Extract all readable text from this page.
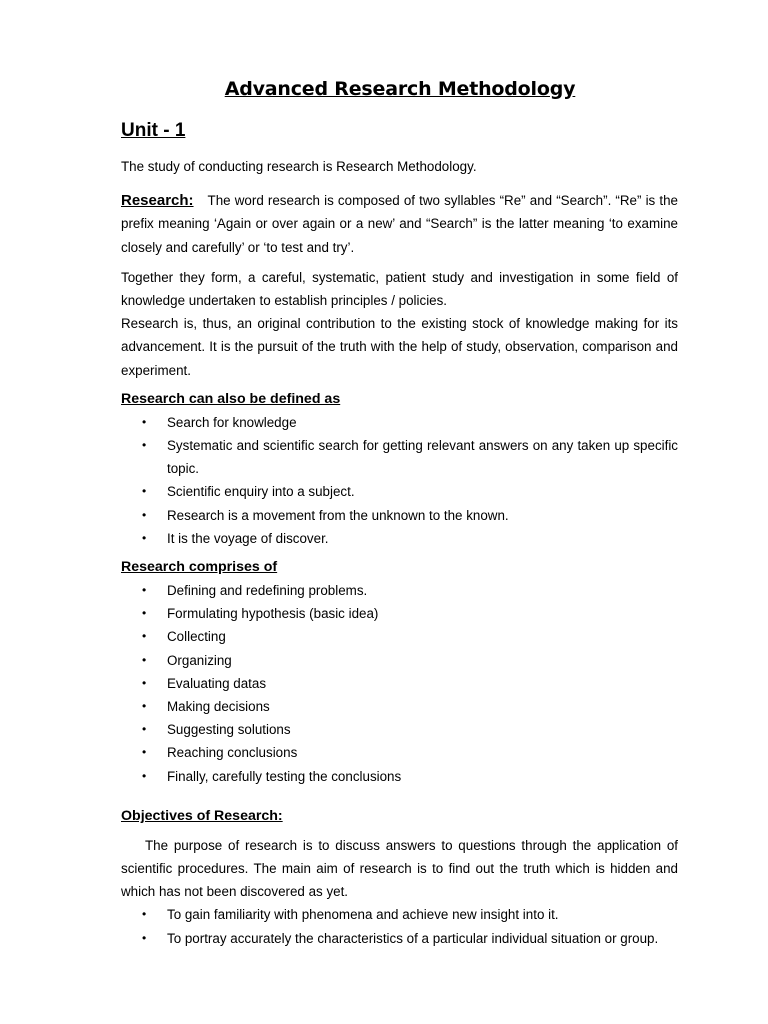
Advanced Research Methodology
Unit - 1

The study of conducting research is Research Methodology.

Research: The word research is composed of two syllables “Re” and “Search”. “Re” is the prefix meaning ‘Again or over again or a new’ and “Search” is the latter meaning ‘to examine closely and carefully’ or ‘to test and try’.

Together they form, a careful, systematic, patient study and investigation in some field of knowledge undertaken to establish principles / policies.

Research is, thus, an original contribution to the existing stock of knowledge making for its advancement. It is the pursuit of the truth with the help of study, observation, comparison and experiment.

Research can also be defined as
• Search for knowledge
• Systematic and scientific search for getting relevant answers on any taken up specific topic.
• Scientific enquiry into a subject.
• Research is a movement from the unknown to the known.
• It is the voyage of discover.
Research comprises of
• Defining and redefining problems.
• Formulating hypothesis (basic idea)
• Collecting
• Organizing
• Evaluating datas
• Making decisions
• Suggesting solutions
• Reaching conclusions
• Finally, carefully testing the conclusions
Objectives of Research:

The purpose of research is to discuss answers to questions through the application of scientific procedures. The main aim of research is to find out the truth which is hidden and which has not been discovered as yet.

• To gain familiarity with phenomena and achieve new insight into it.
• To portray accurately the characteristics of a particular individual situation or group.
